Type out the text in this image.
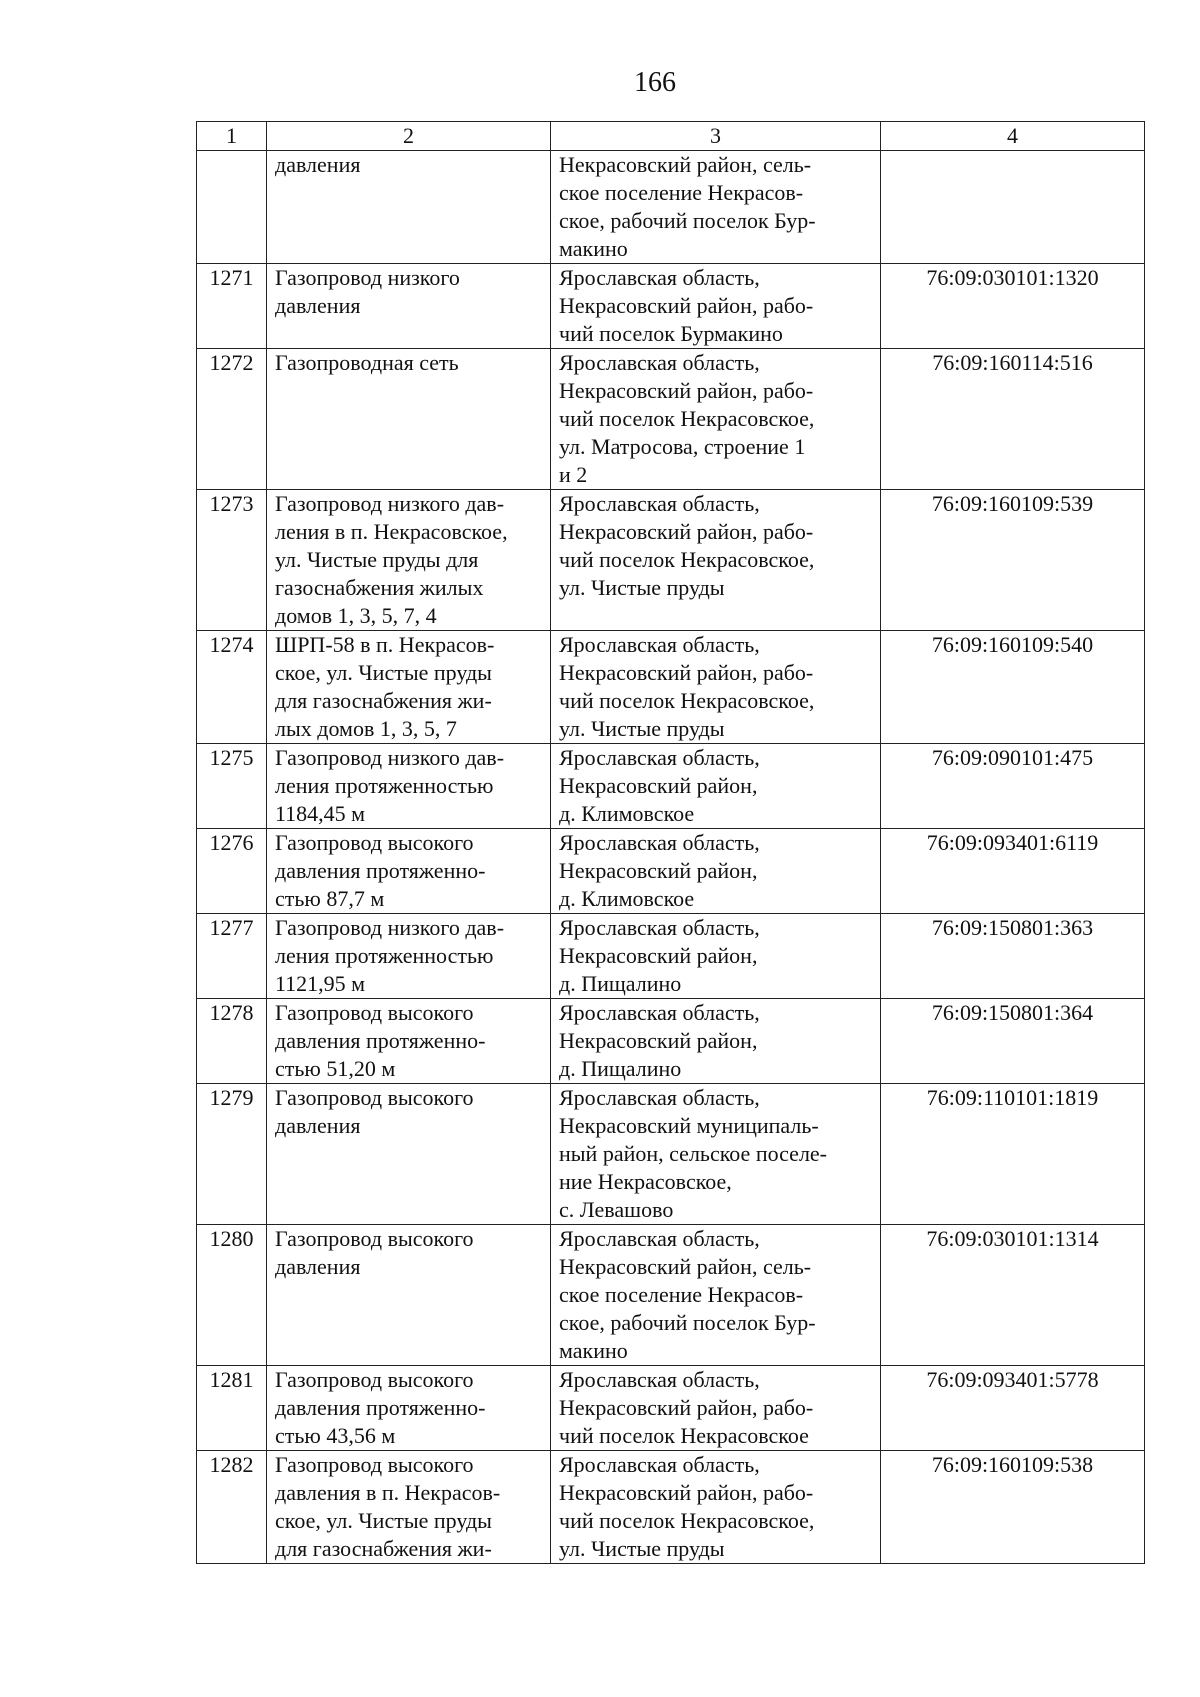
166
1	2	3	4

	давления	Некрасовский район, сель-
ское поселение Некрасов-
ское, рабочий поселок Бур-
макино	

1271	Газопровод низкого
давления	Ярославская область,
Некрасовский район, рабо-
чий поселок Бурмакино	76:09:030101:1320
1272	Газопроводная сеть	Ярославская область,
Некрасовский район, рабо-
чий поселок Некрасовское,
ул. Матросова, строение 1
и 2	76:09:160114:516
1273	Газопровод низкого дав-
ления в п. Некрасовское,
ул. Чистые пруды для
газоснабжения жилых
домов 1, 3, 5, 7, 4	Ярославская область,
Некрасовский район, рабо-
чий поселок Некрасовское,
ул. Чистые пруды	76:09:160109:539
1274	ШРП-58 в п. Некрасов-
ское, ул. Чистые пруды
для газоснабжения жи-
лых домов 1, 3, 5, 7	Ярославская область,
Некрасовский район, рабо-
чий поселок Некрасовское,
ул. Чистые пруды	76:09:160109:540
1275	Газопровод низкого дав-
ления протяженностью
1184,45 м	Ярославская область,
Некрасовский район,
д. Климовское	76:09:090101:475
1276	Газопровод высокого
давления протяженно-
стью 87,7 м	Ярославская область,
Некрасовский район,
д. Климовское	76:09:093401:6119
1277	Газопровод низкого дав-
ления протяженностью
1121,95 м	Ярославская область,
Некрасовский район,
д. Пищалино	76:09:150801:363
1278	Газопровод высокого
давления протяженно-
стью 51,20 м	Ярославская область,
Некрасовский район,
д. Пищалино	76:09:150801:364
1279	Газопровод высокого
давления	Ярославская область,
Некрасовский муниципаль-
ный район, сельское поселе-
ние Некрасовское,
с. Левашово	76:09:110101:1819
1280	Газопровод высокого
давления	Ярославская область,
Некрасовский район, сель-
ское поселение Некрасов-
ское, рабочий поселок Бур-
макино	76:09:030101:1314
1281	Газопровод высокого
давления протяженно-
стью 43,56 м	Ярославская область,
Некрасовский район, рабо-
чий поселок Некрасовское	76:09:093401:5778
1282	Газопровод высокого
давления в п. Некрасов-
ское, ул. Чистые пруды
для газоснабжения жи-	Ярославская область,
Некрасовский район, рабо-
чий поселок Некрасовское,
ул. Чистые пруды	76:09:160109:538
